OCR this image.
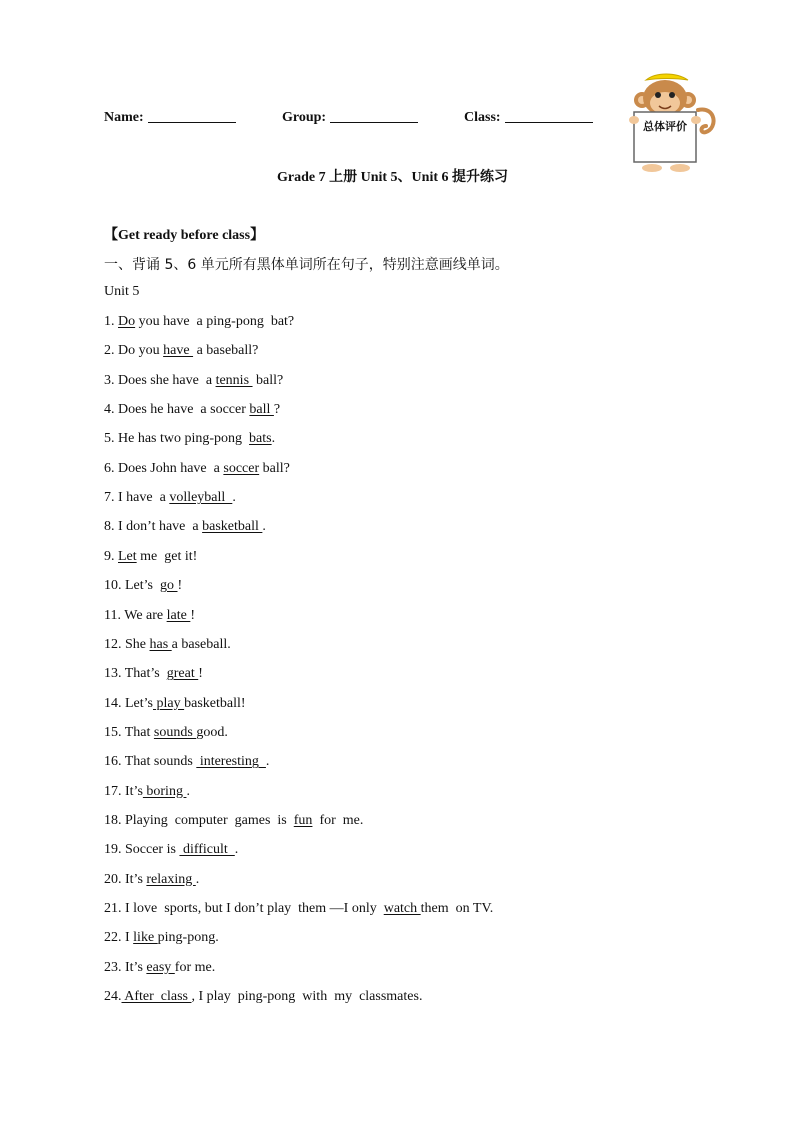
Name:	Group:	Class:
总体评价
Grade 7 上册 Unit 5、Unit 6 提升练习
【Get ready before class】
一、背诵 5、6 单元所有黑体单词所在句子，特别注意画线单词。
Unit 5
1. Do you have  a ping-pong  bat?
2. Do you have  a baseball?
3. Does she have  a tennis  ball?
4. Does he have  a soccer ball ?
5. He has two ping-pong  bats.
6. Does John have  a soccer ball?
7. I have  a volleyball  .
8. I don’t have  a basketball .
9. Let me  get it!
10. Let’s  go !
11. We are late !
12. She has a baseball.
13. That’s  great !
14. Let’s play basketball!
15. That sounds good.
16. That sounds  interesting  .
17. It’s boring .
18. Playing  computer  games  is  fun  for  me.
19. Soccer is  difficult  .
20. It’s relaxing .
21. I love  sports, but I don’t play  them —I only  watch them  on TV.
22. I like ping-pong.
23. It’s easy for me.
24. After  class , I play  ping-pong  with  my  classmates.
